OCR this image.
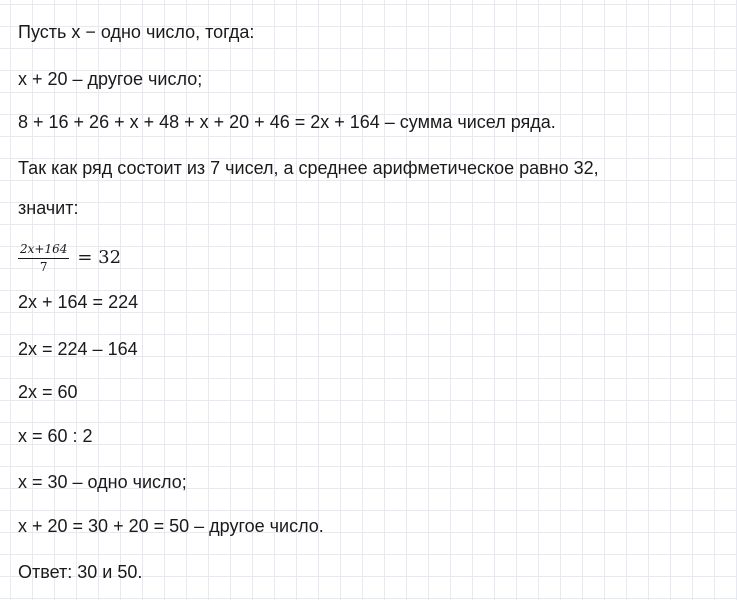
Пусть x − одно число, тогда:
x + 20 – другое число;
8 + 16 + 26 + x + 48 + x + 20 + 46 = 2x + 164 – сумма чисел ряда.
Так как ряд состоит из 7 чисел, а среднее арифметическое равно 32,
значит:
$\frac{2x+164}{7} = 32$
2x + 164 = 224
2x = 224 – 164
2x = 60
x = 60 : 2
x = 30 – одно число;
x + 20 = 30 + 20 = 50 – другое число.
Ответ: 30 и 50.
